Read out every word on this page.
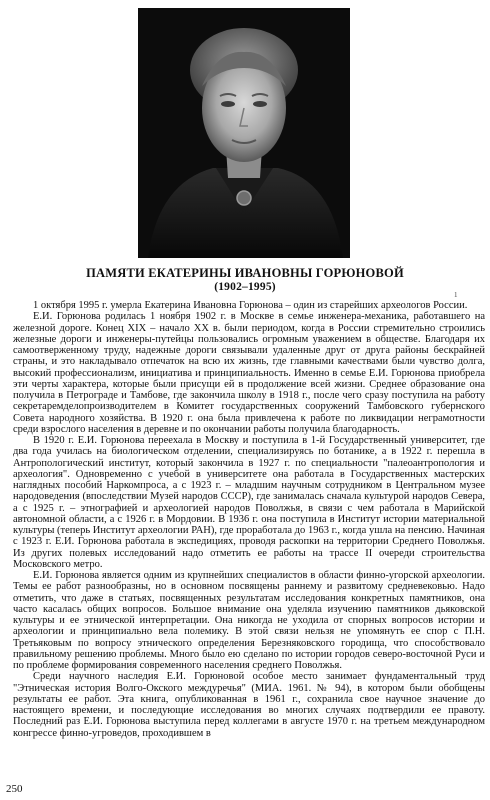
ПАМЯТИ ЕКАТЕРИНЫ ИВАНОВНЫ ГОРЮНОВОЙ
(1902–1995)
1

1 октября 1995 г. умерла Екатерина Ивановна Горюнова – один из старейших археологов России.

Е.И. Горюнова родилась 1 ноября 1902 г. в Москве в семье инженера-механика, работавшего на железной дороге. Конец XIX – начало XX в. были периодом, когда в России стремительно строились железные дороги и инженеры-путейцы пользовались огромным уважением в обществе. Благодаря их самоотверженному труду, надежные дороги связывали удаленные друг от друга районы бескрайней страны, и это накладывало отпечаток на всю их жизнь, где главными качествами были чувство долга, высокий профессионализм, инициатива и принципиальность. Именно в семье Е.И. Горюнова приобрела эти черты характера, которые были присущи ей в продолжение всей жизни. Среднее образование она получила в Петрограде и Тамбове, где закончила школу в 1918 г., после чего сразу поступила на работу секретаремделопроизводителем в Комитет государственных сооружений Тамбовского губернского Совета народного хозяйства. В 1920 г. она была привлечена к работе по ликвидации неграмотности среди взрослого населения в деревне и по окончании работы получила благодарность.

В 1920 г. Е.И. Горюнова переехала в Москву и поступила в 1-й Государственный университет, где два года училась на биологическом отделении, специализируясь по ботанике, а в 1922 г. перешла в Антропологический институт, который закончила в 1927 г. по специальности "палеоантропология и археология". Одновременно с учебой в университете она работала в Государственных мастерских наглядных пособий Наркомпроса, а с 1923 г. – младшим научным сотрудником в Центральном музее народоведения (впоследствии Музей народов СССР), где занималась сначала культурой народов Севера, а с 1925 г. – этнографией и археологией народов Поволжья, в связи с чем работала в Марийской автономной области, а с 1926 г. в Мордовии. В 1936 г. она поступила в Институт истории материальной культуры (теперь Институт археологии РАН), где проработала до 1963 г., когда ушла на пенсию. Начиная с 1923 г. Е.И. Горюнова работала в экспедициях, проводя раскопки на территории Среднего Поволжья. Из других полевых исследований надо отметить ее работы на трассе II очереди строительства Московского метро.

Е.И. Горюнова является одним из крупнейших специалистов в области финно-угорской археологии. Темы ее работ разнообразны, но в основном посвящены раннему и развитому средневековью. Надо отметить, что даже в статьях, посвященных результатам исследования конкретных памятников, она часто касалась общих вопросов. Большое внимание она уделяла изучению памятников дьяковской культуры и ее этнической интерпретации. Она никогда не уходила от спорных вопросов истории и археологии и принципиально вела полемику. В этой связи нельзя не упомянуть ее спор с П.Н. Третьяковым по вопросу этнического определения Березняковского городища, что способствовало правильному решению проблемы. Много было ею сделано по истории городов северо-восточной Руси и по проблеме формирования современного населения среднего Поволжья.

Среди научного наследия Е.И. Горюновой особое место занимает фундаментальный труд "Этническая история Волго-Окского междуречья" (МИА. 1961. № 94), в котором были обобщены результаты ее работ. Эта книга, опубликованная в 1961 г., сохранила свое научное значение до настоящего времени, и последующие исследования во многих случаях подтвердили ее правоту. Последний раз Е.И. Горюнова выступила перед коллегами в августе 1970 г. на третьем международном конгрессе финно-угроведов, проходившем в

250
